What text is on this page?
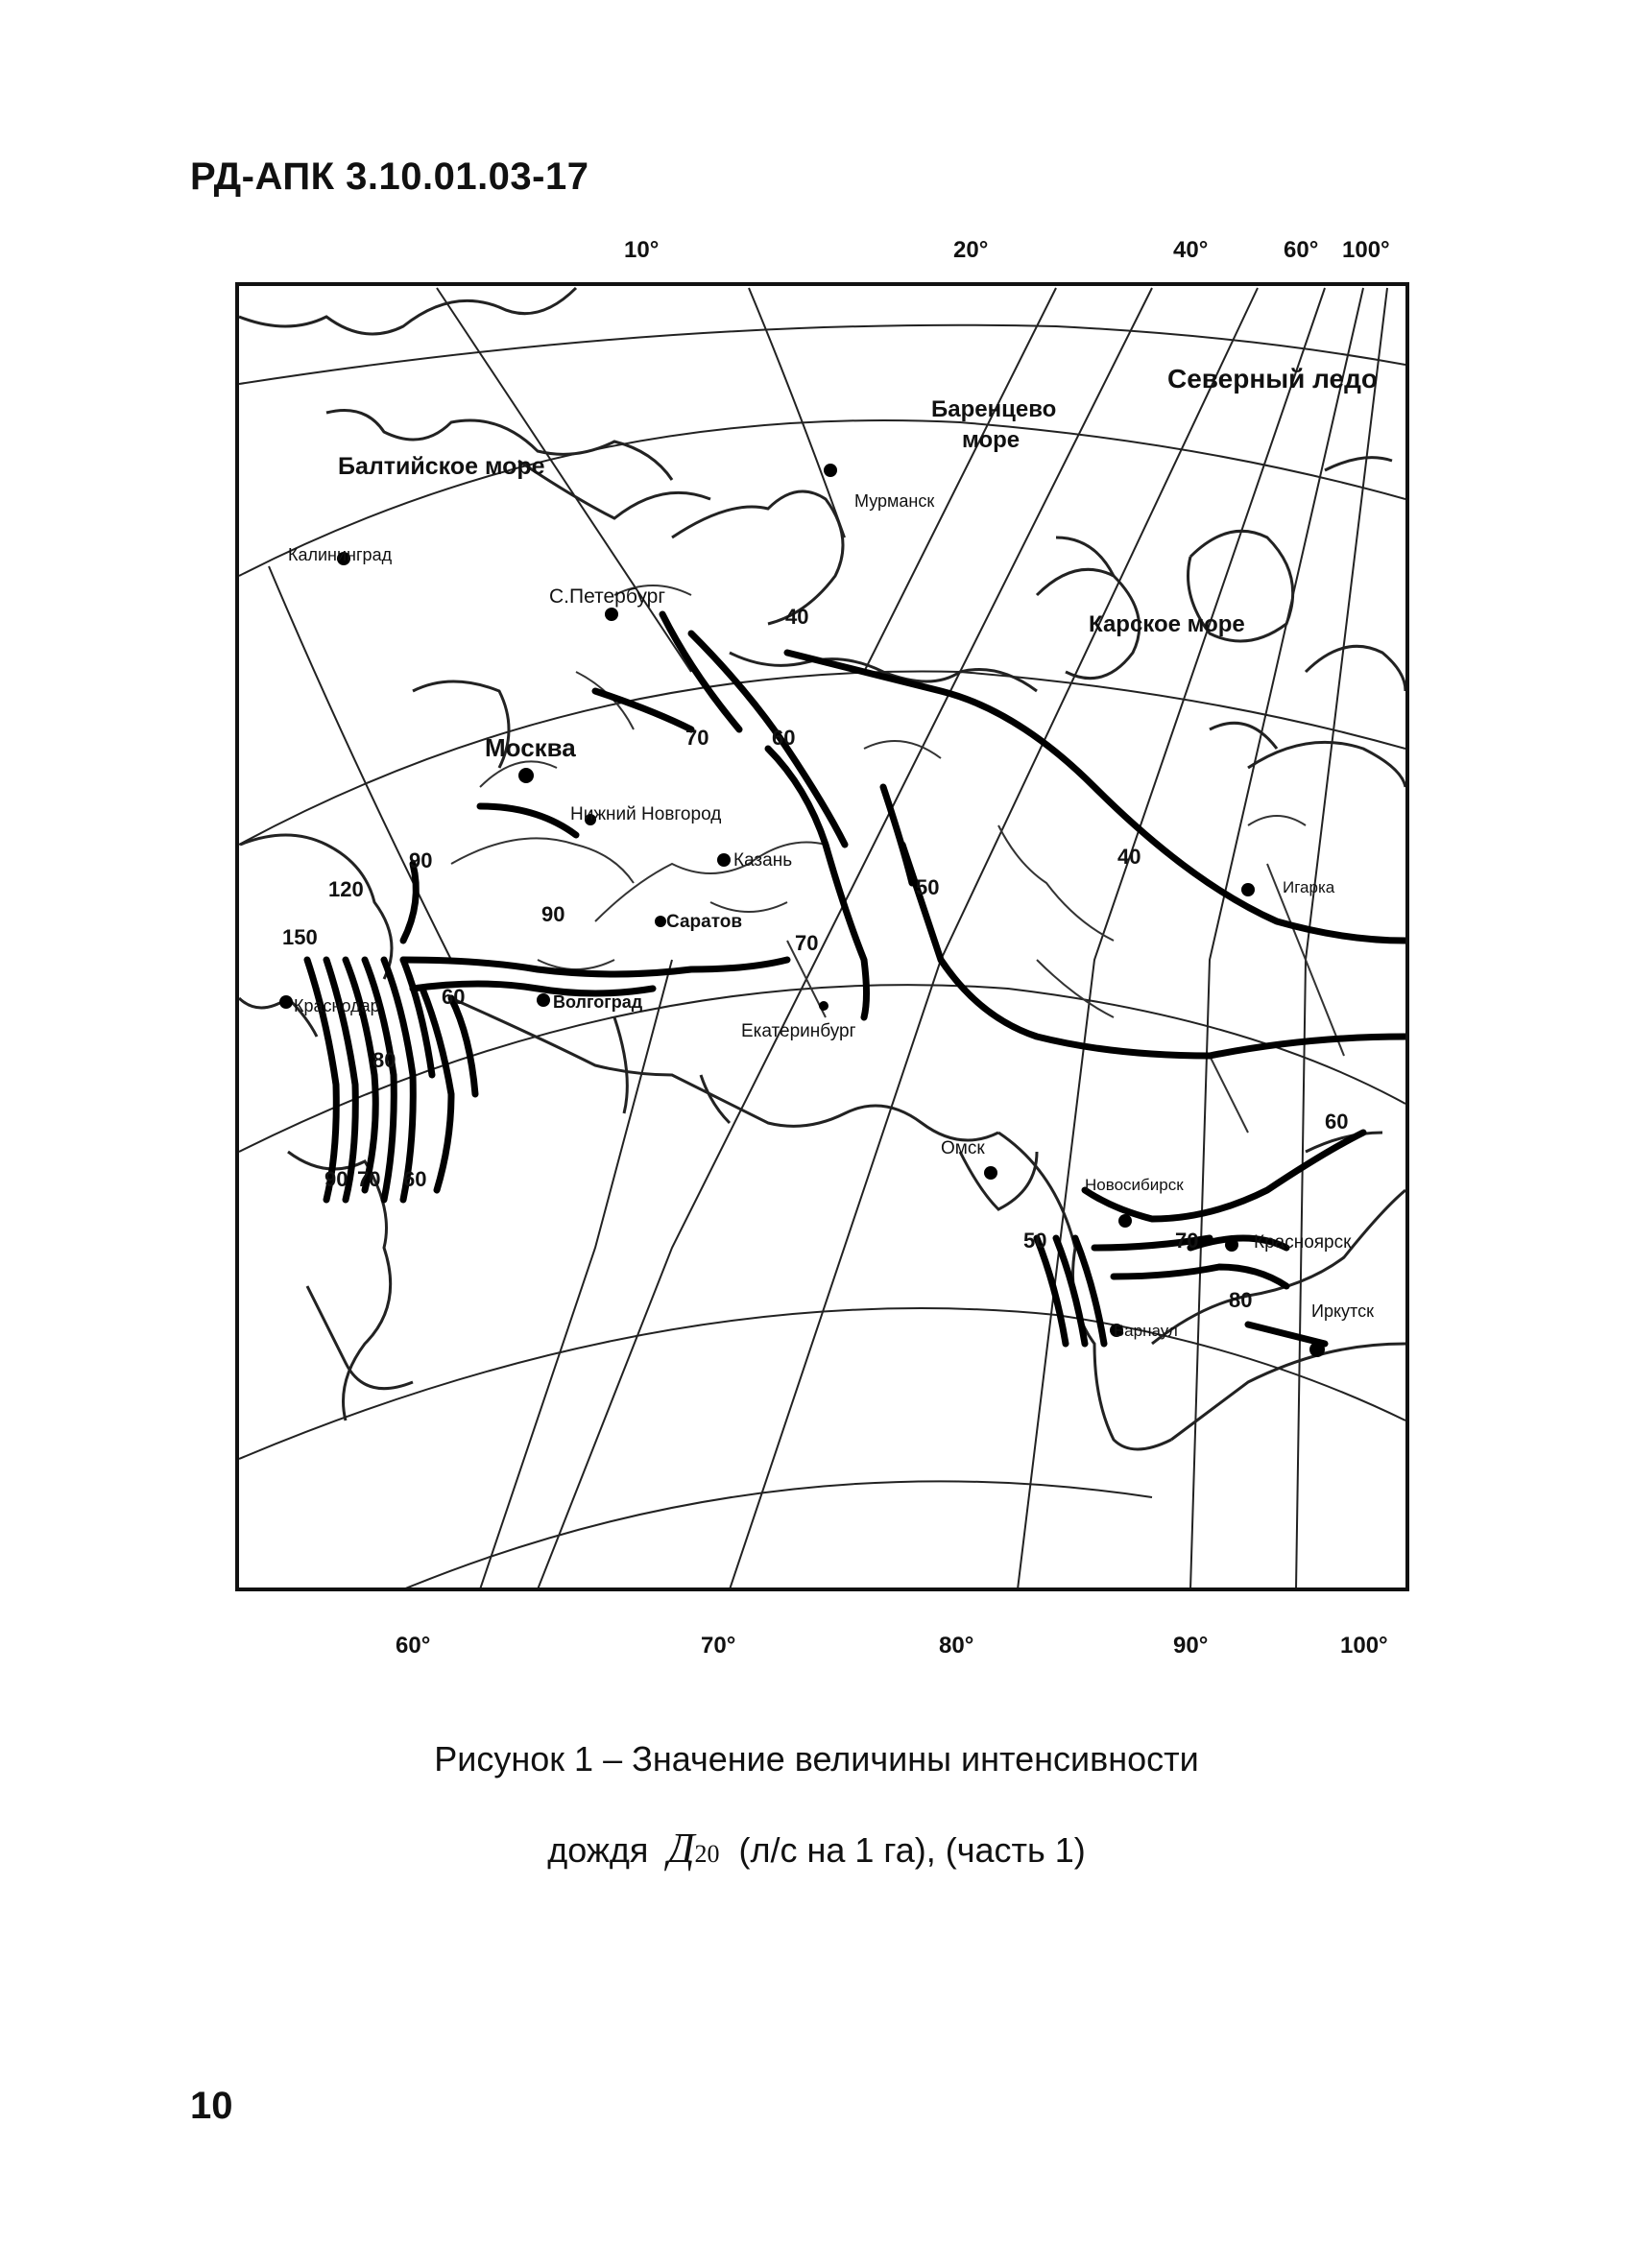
РД-АПК 3.10.01.03-17
10°	20°	40°	60° 100°
60°	70°	80°	90°	100°
Балтийское море
Баренцево
море
Карское море
Северный ледо
Калининград
Мурманск
С.Петербург
Москва
Нижний Новгород
Казань
Саратов
Волгоград
Краснодар
Екатеринбург
Омск
Новосибирск
Красноярск
Барнаул
Иркутск
Игарка
40
40
70	60
90
90
120
150
60
80
90 70 60
50
70
60
50	70
80
Рисунок 1 – Значение величины интенсивности
дождя Д20 (л/с на 1 га), (часть 1)
10
